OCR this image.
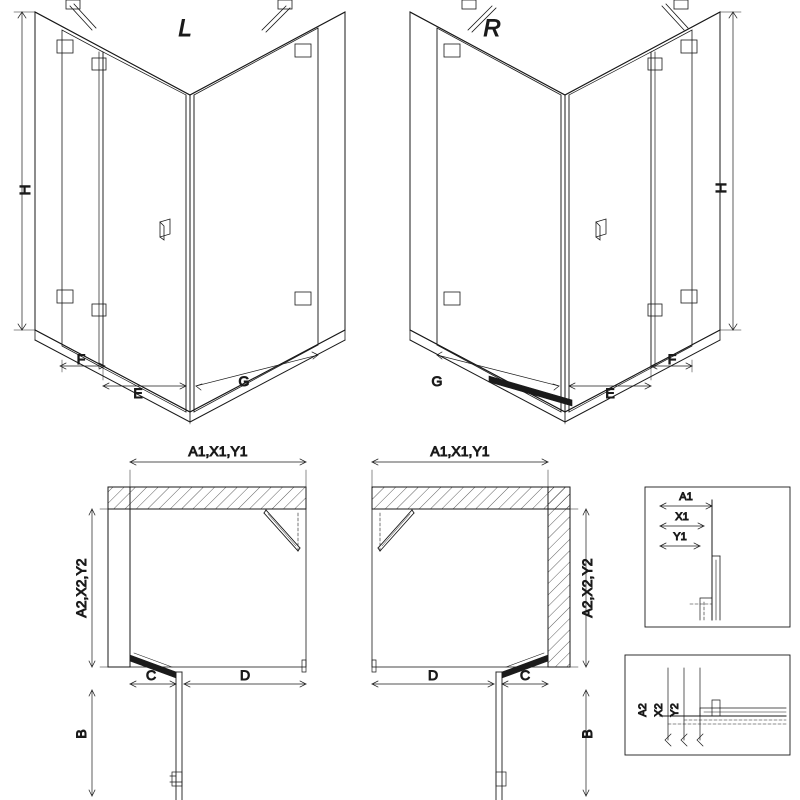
H
F
E
G
L
H
F
E
G
R
A1,X1,Y1
A2,X2,Y2
C	D
B
A1,X1,Y1
A2,X2,Y2
D	C
B
A1
X1
Y1
A2 X2 Y2
